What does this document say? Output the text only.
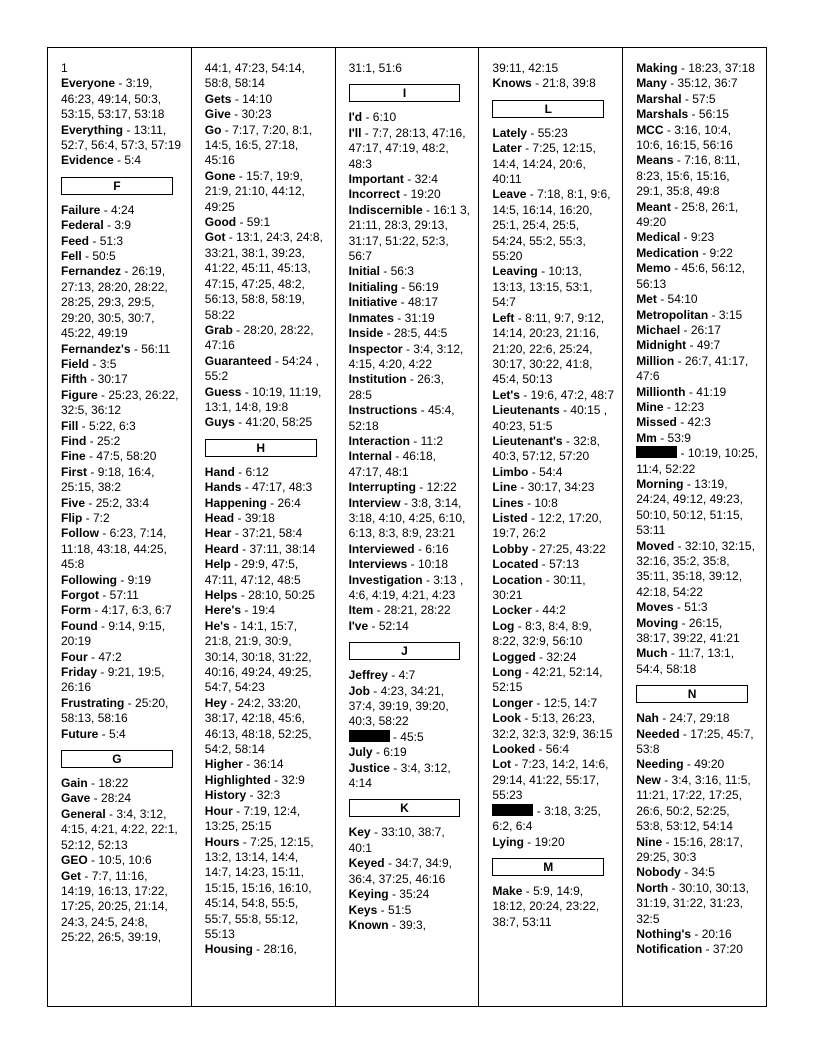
1
Everyone - 3:19, 46:23, 49:14, 50:3, 53:15, 53:17, 53:18
Everything - 13:11, 52:7, 56:4, 57:3, 57:19
Evidence - 5:4
F
Failure - 4:24
Federal - 3:9
Feed - 51:3
Fell - 50:5
Fernandez - 26:19, 27:13, 28:20, 28:22, 28:25, 29:3, 29:5, 29:20, 30:5, 30:7, 45:22, 49:19
Fernandez's - 56:11
Field - 3:5
Fifth - 30:17
Figure - 25:23, 26:22, 32:5, 36:12
Fill - 5:22, 6:3
Find - 25:2
Fine - 47:5, 58:20
First - 9:18, 16:4, 25:15, 38:2
Five - 25:2, 33:4
Flip - 7:2
Follow - 6:23, 7:14, 11:18, 43:18, 44:25, 45:8
Following - 9:19
Forgot - 57:11
Form - 4:17, 6:3, 6:7
Found - 9:14, 9:15, 20:19
Four - 47:2
Friday - 9:21, 19:5, 26:16
Frustrating - 25:20, 58:13, 58:16
Future - 5:4
G
Gain - 18:22
Gave - 28:24
General - 3:4, 3:12, 4:15, 4:21, 4:22, 22:1, 52:12, 52:13
GEO - 10:5, 10:6
Get - 7:7, 11:16, 14:19, 16:13, 17:22, 17:25, 20:25, 21:14, 24:3, 24:5, 24:8, 25:22, 26:5, 39:19,
44:1, 47:23, 54:14, 58:8, 58:14
Gets - 14:10
Give - 30:23
Go - 7:17, 7:20, 8:1, 14:5, 16:5, 27:18, 45:16
Gone - 15:7, 19:9, 21:9, 21:10, 44:12, 49:25
Good - 59:1
Got - 13:1, 24:3, 24:8, 33:21, 38:1, 39:23, 41:22, 45:11, 45:13, 47:15, 47:25, 48:2, 56:13, 58:8, 58:19, 58:22
Grab - 28:20, 28:22, 47:16
Guaranteed - 54:24 , 55:2
Guess - 10:19, 11:19, 13:1, 14:8, 19:8
Guys - 41:20, 58:25
H
Hand - 6:12
Hands - 47:17, 48:3
Happening - 26:4
Head - 39:18
Hear - 37:21, 58:4
Heard - 37:11, 38:14
Help - 29:9, 47:5, 47:11, 47:12, 48:5
Helps - 28:10, 50:25
Here's - 19:4
He's - 14:1, 15:7, 21:8, 21:9, 30:9, 30:14, 30:18, 31:22, 40:16, 49:24, 49:25, 54:7, 54:23
Hey - 24:2, 33:20, 38:17, 42:18, 45:6, 46:13, 48:18, 52:25, 54:2, 58:14
Higher - 36:14
Highlighted - 32:9
History - 32:3
Hour - 7:19, 12:4, 13:25, 25:15
Hours - 7:25, 12:15, 13:2, 13:14, 14:4, 14:7, 14:23, 15:11, 15:15, 15:16, 16:10, 45:14, 54:8, 55:5, 55:7, 55:8, 55:12, 55:13
Housing - 28:16,
31:1, 51:6
I
I'd - 6:10
I'll - 7:7, 28:13, 47:16, 47:17, 47:19, 48:2, 48:3
Important - 32:4
Incorrect - 19:20
Indiscernible - 16:1 3, 21:11, 28:3, 29:13, 31:17, 51:22, 52:3, 56:7
Initial - 56:3
Initialing - 56:19
Initiative - 48:17
Inmates - 31:19
Inside - 28:5, 44:5
Inspector - 3:4, 3:12, 4:15, 4:20, 4:22
Institution - 26:3, 28:5
Instructions - 45:4, 52:18
Interaction - 11:2
Internal - 46:18, 47:17, 48:1
Interrupting - 12:22
Interview - 3:8, 3:14, 3:18, 4:10, 4:25, 6:10, 6:13, 8:3, 8:9, 23:21
Interviewed - 6:16
Interviews - 10:18
Investigation - 3:13 , 4:6, 4:19, 4:21, 4:23
Item - 28:21, 28:22
I've - 52:14
J
Jeffrey - 4:7
Job - 4:23, 34:21, 37:4, 39:19, 39:20, 40:3, 58:22
- 45:5
July - 6:19
Justice - 3:4, 3:12, 4:14
K
Key - 33:10, 38:7, 40:1
Keyed - 34:7, 34:9, 36:4, 37:25, 46:16
Keying - 35:24
Keys - 51:5
Known - 39:3,
39:11, 42:15
Knows - 21:8, 39:8
L
Lately - 55:23
Later - 7:25, 12:15, 14:4, 14:24, 20:6, 40:11
Leave - 7:18, 8:1, 9:6, 14:5, 16:14, 16:20, 25:1, 25:4, 25:5, 54:24, 55:2, 55:3, 55:20
Leaving - 10:13, 13:13, 13:15, 53:1, 54:7
Left - 8:11, 9:7, 9:12, 14:14, 20:23, 21:16, 21:20, 22:6, 25:24, 30:17, 30:22, 41:8, 45:4, 50:13
Let's - 19:6, 47:2, 48:7
Lieutenants - 40:15 , 40:23, 51:5
Lieutenant's - 32:8, 40:3, 57:12, 57:20
Limbo - 54:4
Line - 30:17, 34:23
Lines - 10:8
Listed - 12:2, 17:20, 19:7, 26:2
Lobby - 27:25, 43:22
Located - 57:13
Location - 30:11, 30:21
Locker - 44:2
Log - 8:3, 8:4, 8:9, 8:22, 32:9, 56:10
Logged - 32:24
Long - 42:21, 52:14, 52:15
Longer - 12:5, 14:7
Look - 5:13, 26:23, 32:2, 32:3, 32:9, 36:15
Looked - 56:4
Lot - 7:23, 14:2, 14:6, 29:14, 41:22, 55:17, 55:23
- 3:18, 3:25, 6:2, 6:4
Lying - 19:20
M
Make - 5:9, 14:9, 18:12, 20:24, 23:22, 38:7, 53:11
Making - 18:23, 37:18
Many - 35:12, 36:7
Marshal - 57:5
Marshals - 56:15
MCC - 3:16, 10:4, 10:6, 16:15, 56:16
Means - 7:16, 8:11, 8:23, 15:6, 15:16, 29:1, 35:8, 49:8
Meant - 25:8, 26:1, 49:20
Medical - 9:23
Medication - 9:22
Memo - 45:6, 56:12, 56:13
Met - 54:10
Metropolitan - 3:15
Michael - 26:17
Midnight - 49:7
Million - 26:7, 41:17, 47:6
Millionth - 41:19
Mine - 12:23
Missed - 42:3
Mm - 53:9
- 10:19, 10:25, 11:4, 52:22
Morning - 13:19, 24:24, 49:12, 49:23, 50:10, 50:12, 51:15, 53:11
Moved - 32:10, 32:15, 32:16, 35:2, 35:8, 35:11, 35:18, 39:12, 42:18, 54:22
Moves - 51:3
Moving - 26:15, 38:17, 39:22, 41:21
Much - 11:7, 13:1, 54:4, 58:18
N
Nah - 24:7, 29:18
Needed - 17:25, 45:7, 53:8
Needing - 49:20
New - 3:4, 3:16, 11:5, 11:21, 17:22, 17:25, 26:6, 50:2, 52:25, 53:8, 53:12, 54:14
Nine - 15:16, 28:17, 29:25, 30:3
Nobody - 34:5
North - 30:10, 30:13, 31:19, 31:22, 31:23, 32:5
Nothing's - 20:16
Notification - 37:20
